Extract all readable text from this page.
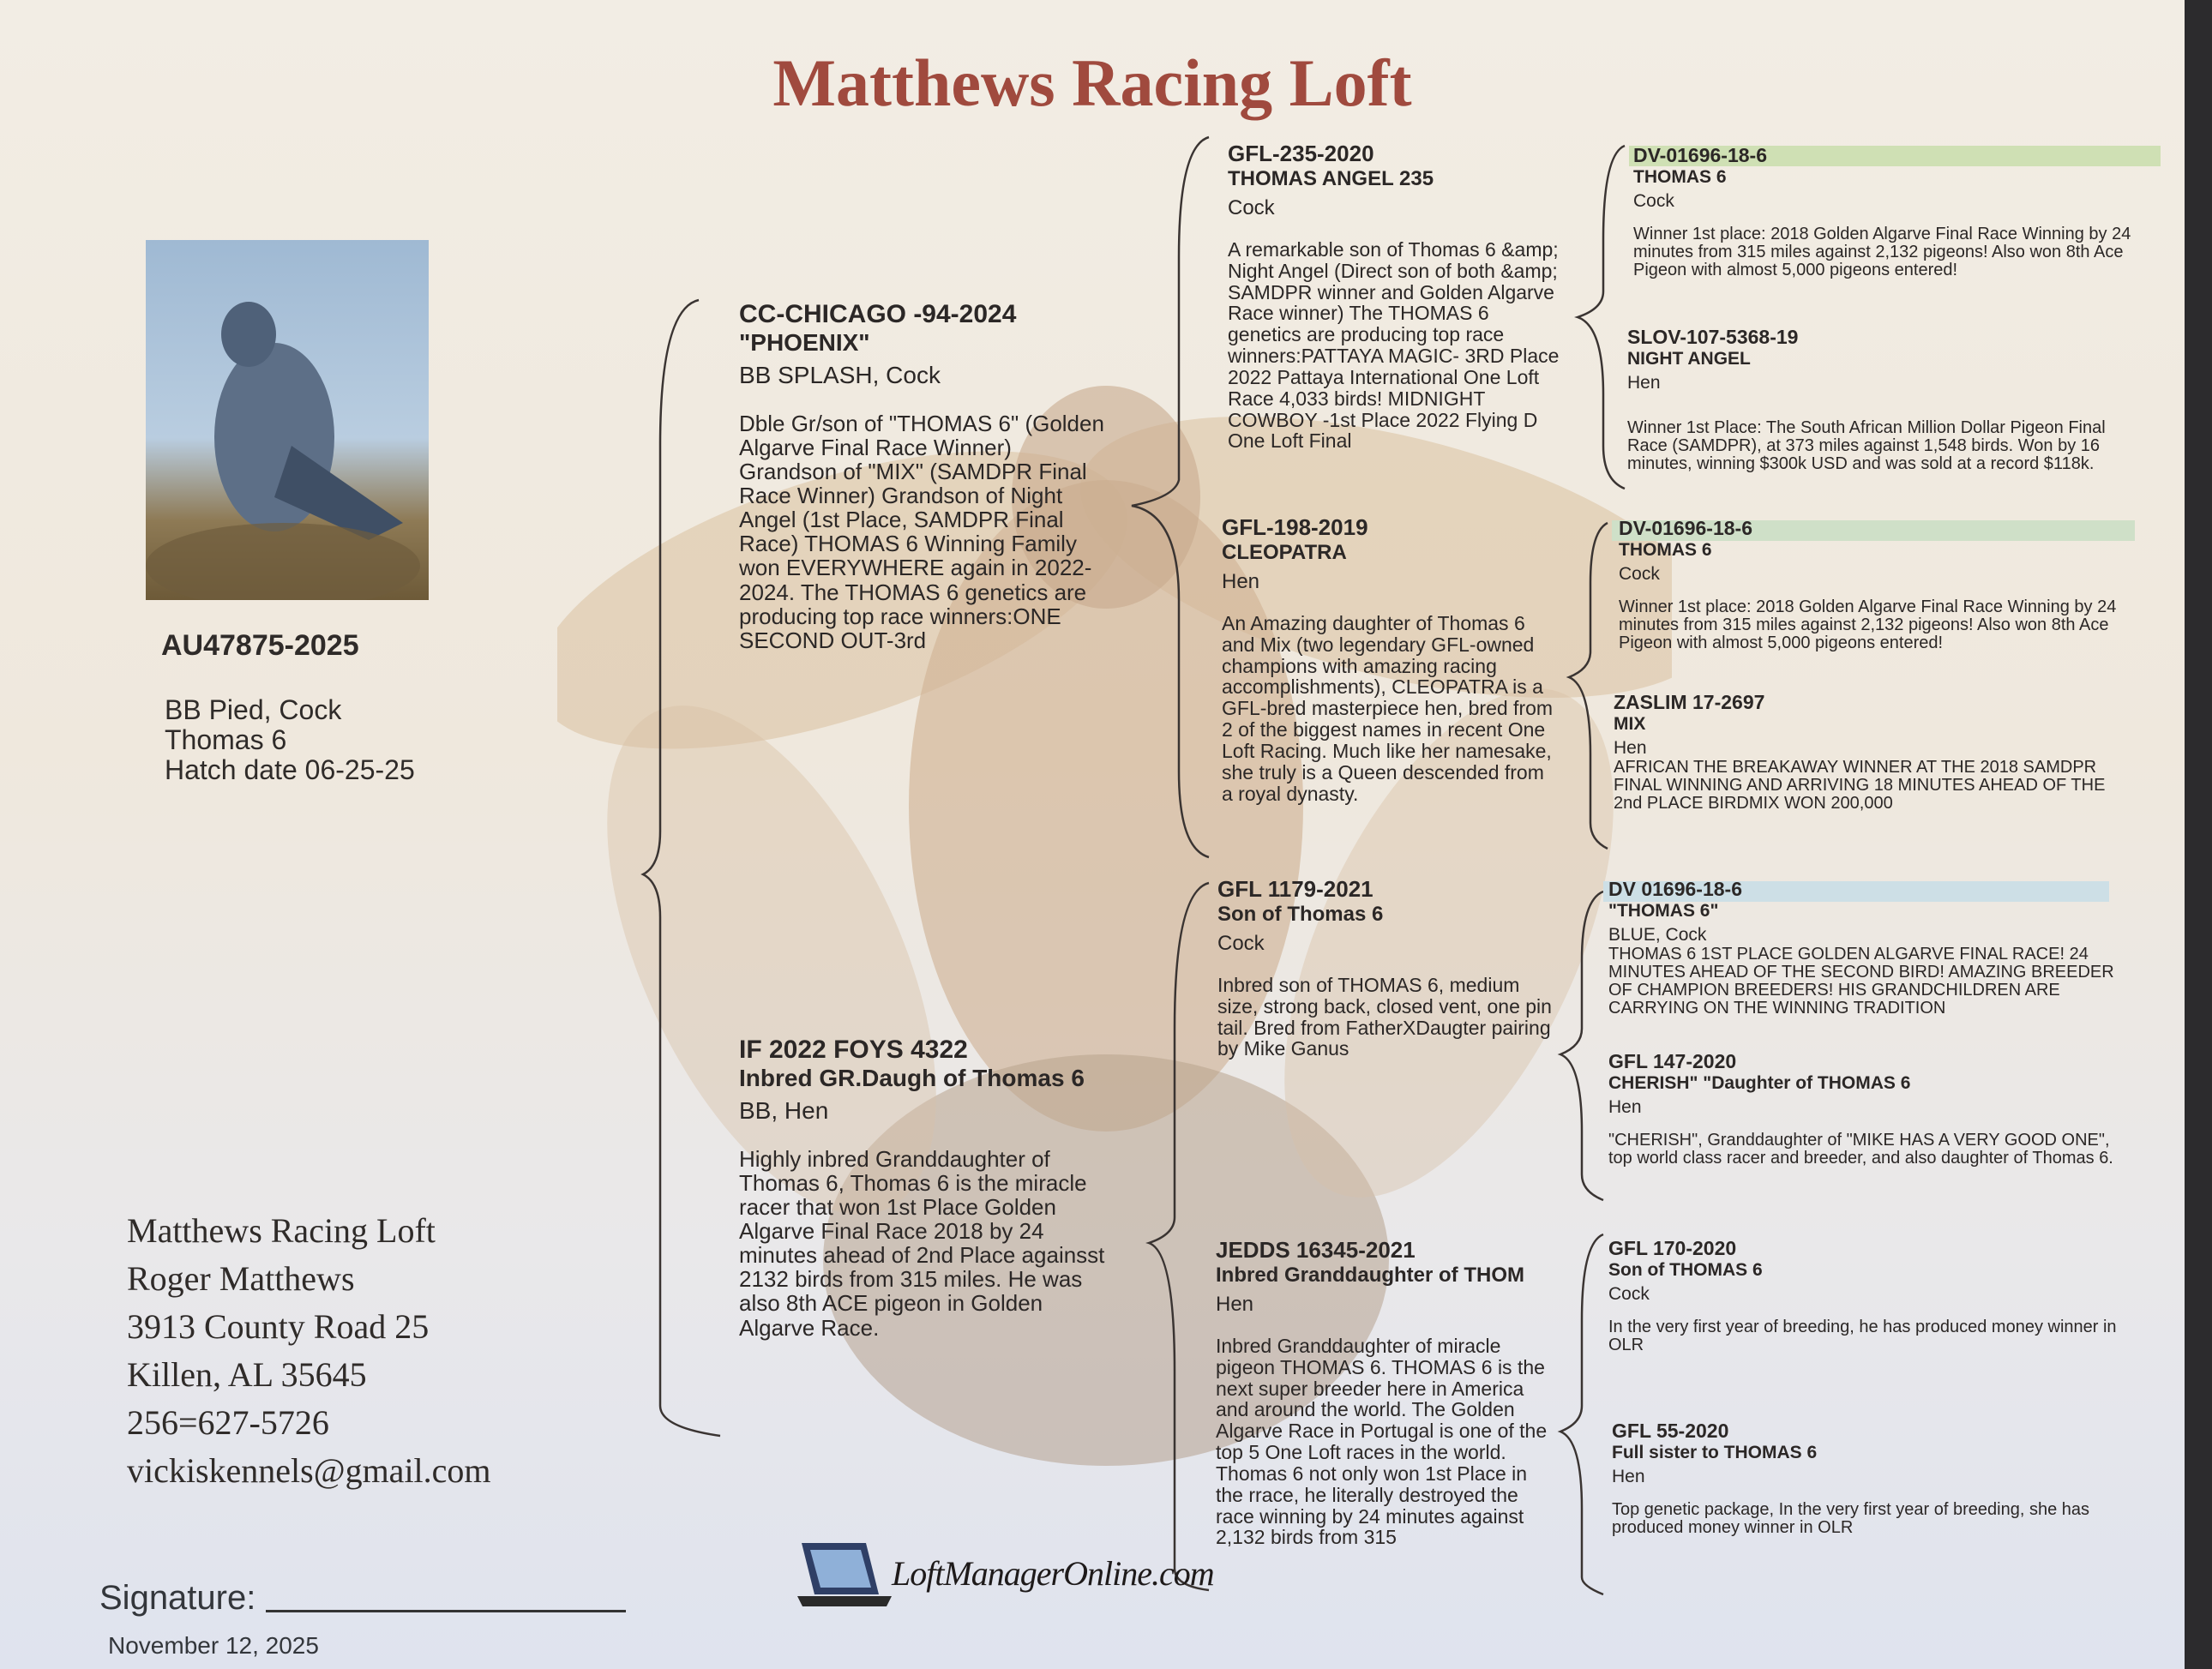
Matthews Racing Loft
AU47875-2025
BB Pied, Cock
Thomas 6
Hatch date 06-25-25
Matthews Racing Loft
Roger Matthews
3913 County Road 25
Killen, AL 35645
256=627-5726
vickiskennels@gmail.com
Signature:
November 12, 2025
LoftManagerOnline.com
CC-CHICAGO -94-2024
"PHOENIX"
BB SPLASH, Cock
Dble Gr/son of "THOMAS 6" (Golden Algarve Final Race Winner) Grandson of "MIX" (SAMDPR Final Race Winner) Grandson of Night Angel (1st Place, SAMDPR Final Race) THOMAS 6 Winning Family won EVERYWHERE again in 2022-2024. The THOMAS 6 genetics are producing top race winners:ONE SECOND OUT-3rd
IF 2022 FOYS 4322
Inbred GR.Daugh of Thomas 6
BB, Hen
Highly inbred Granddaughter of Thomas 6, Thomas 6 is the miracle racer that won 1st Place Golden Algarve Final Race 2018 by 24 minutes ahead of 2nd Place againsst 2132 birds from 315 miles. He was also 8th ACE pigeon in Golden Algarve Race.
GFL-235-2020
THOMAS ANGEL 235
Cock
A remarkable son of Thomas 6 &amp; Night Angel (Direct son of both &amp; SAMDPR winner and Golden Algarve Race winner) The THOMAS 6 genetics are producing top race winners:PATTAYA MAGIC- 3RD Place 2022 Pattaya International One Loft Race 4,033 birds! MIDNIGHT COWBOY -1st Place 2022 Flying D One Loft Final
GFL-198-2019
CLEOPATRA
Hen
An Amazing daughter of Thomas 6 and Mix (two legendary GFL-owned champions with amazing racing accomplishments), CLEOPATRA is a GFL-bred masterpiece hen, bred from 2 of the biggest names in recent One Loft Racing. Much like her namesake, she truly is a Queen descended from a royal dynasty.
GFL 1179-2021
Son of Thomas 6
Cock
Inbred son of THOMAS 6, medium size, strong back, closed vent, one pin tail. Bred from FatherXDaugter pairing by Mike Ganus
JEDDS 16345-2021
Inbred Granddaughter of THOM
Hen
Inbred Granddaughter of miracle pigeon THOMAS 6. THOMAS 6 is the next super breeder here in America and around the world. The Golden Algarve Race in Portugal is one of the top 5 One Loft races in the world. Thomas 6 not only won 1st Place in the rrace, he literally destroyed the race winning by 24 minutes against 2,132 birds from 315
DV-01696-18-6
THOMAS 6
Cock
Winner 1st place: 2018 Golden Algarve Final Race Winning by 24 minutes from 315 miles against 2,132 pigeons! Also won 8th Ace Pigeon with almost 5,000 pigeons entered!
SLOV-107-5368-19
NIGHT ANGEL
Hen
Winner 1st Place: The South African Million Dollar Pigeon Final Race (SAMDPR), at 373 miles against 1,548 birds. Won by 16 minutes, winning $300k USD and was sold at a record $118k.
DV-01696-18-6
THOMAS 6
Cock
Winner 1st place: 2018 Golden Algarve Final Race Winning by 24 minutes from 315 miles against 2,132 pigeons! Also won 8th Ace Pigeon with almost 5,000 pigeons entered!
ZASLIM 17-2697
MIX
Hen
AFRICAN THE BREAKAWAY WINNER AT THE 2018 SAMDPR FINAL WINNING AND ARRIVING 18 MINUTES AHEAD OF THE 2nd PLACE BIRDMIX WON 200,000
DV 01696-18-6
"THOMAS 6"
BLUE, Cock
THOMAS 6 1ST PLACE GOLDEN ALGARVE FINAL RACE! 24 MINUTES AHEAD OF THE SECOND BIRD! AMAZING BREEDER OF CHAMPION BREEDERS! HIS GRANDCHILDREN ARE CARRYING ON THE WINNING TRADITION
GFL 147-2020
CHERISH" "Daughter of THOMAS 6
Hen
"CHERISH", Granddaughter of "MIKE HAS A VERY GOOD ONE", top world class racer and breeder, and also daughter of Thomas 6.
GFL 170-2020
Son of THOMAS 6
Cock
In the very first year of breeding, he has produced money winner in OLR
GFL 55-2020
Full sister to THOMAS 6
Hen
Top genetic package, In the very first year of breeding, she has produced money winner in OLR
